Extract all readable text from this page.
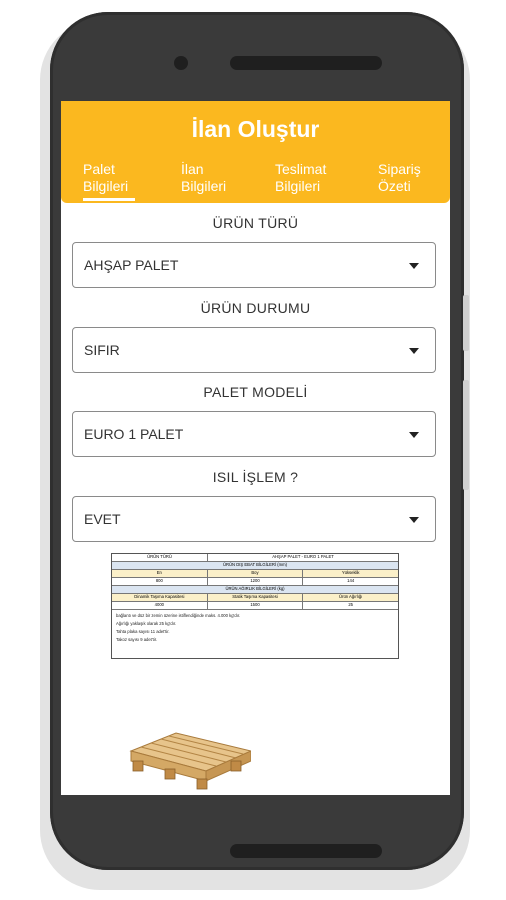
İlan Oluştur
Palet
Bilgileri
İlan
Bilgileri
Teslimat
Bilgileri
Sipariş
Özeti
ÜRÜN TÜRÜ
AHŞAP PALET
ÜRÜN DURUMU
SIFIR
PALET MODELİ
EURO 1 PALET
ISIL İŞLEM ?
EVET
ÜRÜN TÜRÜ	AHŞAP PALET - EURO 1 PALET
ÜRÜN DIŞ EBAT BİLGİLERİ (mm)
En	Boy	Yükseklik
800	1200	144
ÜRÜN AĞIRLIK BİLGİLERİ (kg)
Dinamik Taşıma Kapasitesi	Statik Taşıma Kapasitesi	Ürün Ağırlığı
4000	1500	25
bağlantı ve düz bir zemin üzerine istiflendiğinde maks. 4.000 kg'dır.
Ağırlığı yaklaşık olarak 25 kg'dır.
Tahta plaka sayısı 11 adet'tir.
Takoz sayısı 9 adet'tir.
